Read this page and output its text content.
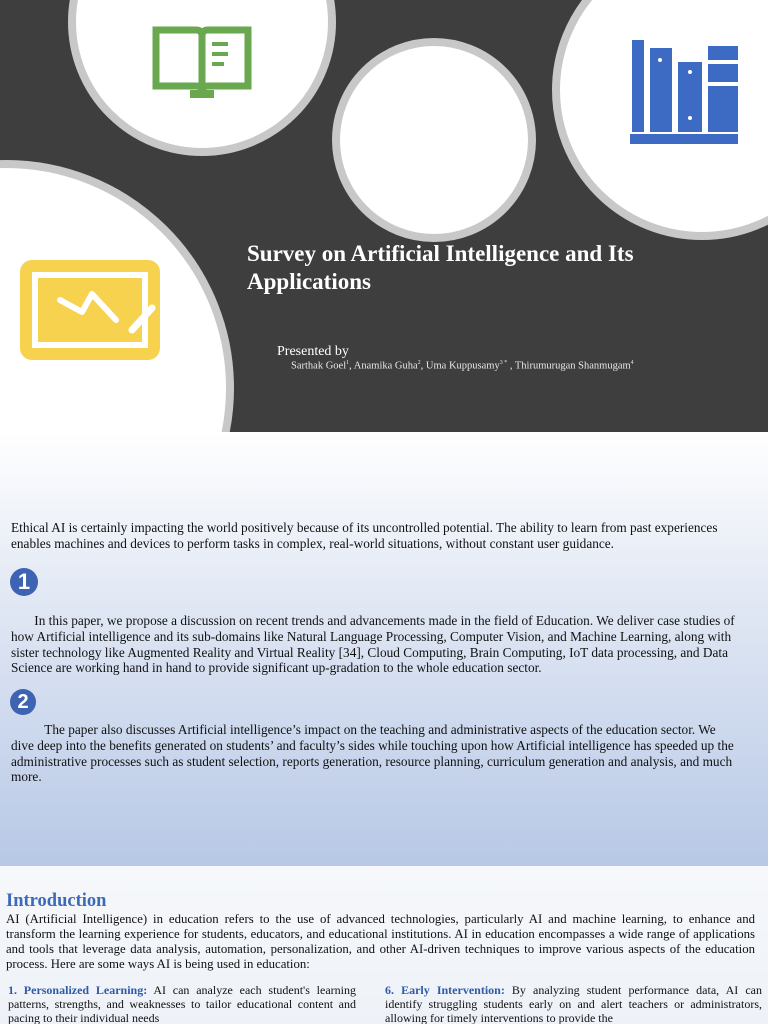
Survey on Artificial Intelligence and Its Applications
Presented by
Sarthak Goel$^1$, Anamika Guha$^2$, Uma Kuppusamy$^{3 *}$ , Thirumurugan Shanmugam$^4$
Ethical AI is certainly impacting the world positively because of its uncontrolled potential. The ability to learn from past experiences enables machines and devices to perform tasks in complex, real-world situations, without constant user guidance.
1
In this paper, we propose a discussion on recent trends and advancements made in the field of Education. We deliver case studies of how Artificial intelligence and its sub-domains like Natural Language Processing, Computer Vision, and Machine Learning, along with sister technology like Augmented Reality and Virtual Reality [34], Cloud Computing, Brain Computing, IoT data processing, and Data Science are working hand in hand to provide significant up-gradation to the whole education sector.
2
The paper also discusses Artificial intelligence’s impact on the teaching and administrative aspects of the education sector. We dive deep into the benefits generated on students’ and faculty’s sides while touching upon how Artificial intelligence has speeded up the administrative processes such as student selection, reports generation, resource planning, curriculum generation and analysis, and much more.
Introduction
AI (Artificial Intelligence) in education refers to the use of advanced technologies, particularly AI and machine learning, to enhance and transform the learning experience for students, educators, and educational institutions. AI in education encompasses a wide range of applications and tools that leverage data analysis, automation, personalization, and other AI-driven techniques to improve various aspects of the education process. Here are some ways AI is being used in education:
1. Personalized Learning: AI can analyze each student's learning patterns, strengths, and weaknesses to tailor educational content and pacing to their individual needs
6. Early Intervention: By analyzing student performance data, AI can identify struggling students early on and alert teachers or administrators, allowing for timely interventions to provide the
